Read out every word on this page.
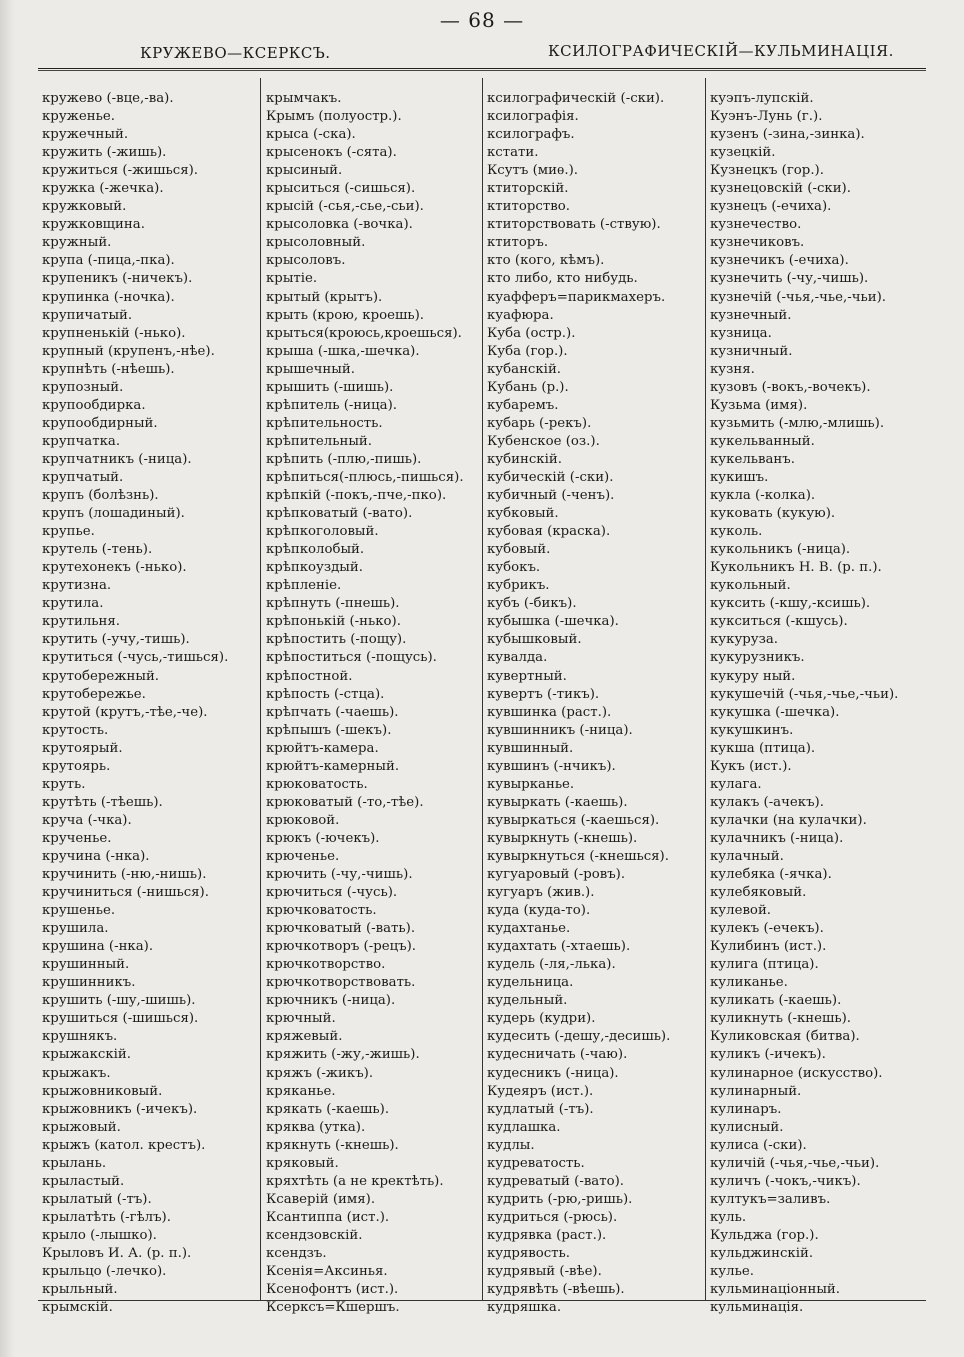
— 68 —
КРУЖЕВО—КСЕРКСЪ.	КСИЛОГРАФИЧЕСКІЙ—КУЛЬМИНАЦІЯ.
кружево (-вце,-ва).
круженье.
кружечный.
кружить (-жишь).
кружиться (-жишься).
кружка (-жечка).
кружковый.
кружковщина.
кружный.
крупа (-пица,-пка).
крупеникъ (-ничекъ).
крупинка (-ночка).
крупичатый.
крупненькій (-нько).
крупный (крупенъ,-нѣе).
крупнѣть (-нѣешь).
крупозный.
крупообдирка.
крупообдирный.
крупчатка.
крупчатникъ (-ница).
крупчатый.
крупъ (болѣзнь).
крупъ (лошадиный).
крупье.
крутель (-тень).
крутехонекъ (-нько).
крутизна.
крутила.
крутильня.
крутить (-учу,-тишь).
крутиться (-чусь,-тишься).
крутобережный.
крутоберeжье.
крутой (крутъ,-тѣе,-че).
крутость.
крутоярый.
крутоярь.
круть.
крутѣть (-тѣешь).
круча (-чка).
крученье.
кручина (-нка).
кручинить (-ню,-нишь).
кручиниться (-нишься).
крушенье.
крушила.
крушина (-нка).
крушинный.
крушинникъ.
крушить (-шу,-шишь).
крушиться (-шишься).
крушнякъ.
крыжакскій.
крыжакъ.
крыжовниковый.
крыжовникъ (-ичекъ).
крыжовый.
крыжъ (катол. крестъ).
крылань.
крыластый.
крылатый (-тъ).
крылатѣть (-гѣлъ).
крыло (-лышко).
Крыловъ И. А. (р. п.).
крыльцо (-лечко).
крыльный.
крымскій.
крымчакъ.
Крымъ (полуостр.).
крыса (-ска).
крысенокъ (-сята).
крысиный.
крыситься (-сишься).
крысій (-сья,-сье,-сьи).
крысоловка (-вочка).
крысоловный.
крысоловъ.
крытіе.
крытый (крытъ).
крыть (крою, кроешь).
крыться(кроюсь,кроешься).
крыша (-шка,-шечка).
крышечный.
крышить (-шишь).
крѣпитель (-ница).
крѣпительность.
крѣпительный.
крѣпить (-плю,-пишь).
крѣпиться(-плюсь,-пишься).
крѣпкій (-покъ,-пче,-пко).
крѣпковатый (-вато).
крѣпкоголовый.
крѣпколобый.
крѣпкоуздый.
крѣпленіе.
крѣпнуть (-пнешь).
крѣпонькій (-нько).
крѣпостить (-пощу).
крѣпоститься (-пощусь).
крѣпостной.
крѣпость (-стца).
крѣпчать (-чаешь).
крѣпышъ (-шекъ).
крюйтъ-камера.
крюйтъ-камерный.
крюковатость.
крюковатый (-то,-тѣе).
крюковой.
крюкъ (-ючекъ).
крюченье.
крючить (-чу,-чишь).
крючиться (-чусь).
крючковатость.
крючковатый (-вать).
крючкотворъ (-рецъ).
крючкотворство.
крючкотворствовать.
крючникъ (-ница).
крючный.
кряжевый.
кряжить (-жу,-жишь).
кряжъ (-жикъ).
кряканье.
крякать (-каешь).
кряква (утка).
крякнуть (-кнешь).
кряковый.
кряхтѣть (а не кректѣть).
Ксаверій (имя).
Ксантиппа (ист.).
ксендзовскій.
ксендзъ.
Ксенія=Аксинья.
Ксенофонтъ (ист.).
Ксерксъ=Кшершъ.
ксилографическій (-ски).
ксилографія.
ксилографъ.
кстати.
Ксутъ (миѳ.).
ктиторскій.
ктиторство.
ктиторствовать (-ствую).
ктиторъ.
кто (кого, кѣмъ).
кто либо, кто нибудь.
куафферъ=парикмахеръ.
куафюра.
Куба (остр.).
Куба (гор.).
кубанскій.
Кубань (р.).
кубаремъ.
кубарь (-рекъ).
Кубенское (оз.).
кубинскій.
кубическій (-ски).
кубичный (-ченъ).
кубковый.
кубовая (краска).
кубовый.
кубокъ.
кубрикъ.
кубъ (-бикъ).
кубышка (-шечка).
кубышковый.
кувалда.
кувертный.
кувертъ (-тикъ).
кувшинка (раст.).
кувшинникъ (-ница).
кувшинный.
кувшинъ (-нчикъ).
кувырканье.
кувыркать (-каешь).
кувыркаться (-каешься).
кувыркнуть (-кнешь).
кувыркнуться (-кнешься).
кугуаровый (-ровъ).
кугуаръ (жив.).
куда (куда-то).
кудахтанье.
кудахтать (-хтаешь).
кудель (-ля,-лька).
кудельница.
кудельный.
кудерь (кудри).
кудесить (-дешу,-десишь).
кудесничать (-чаю).
кудесникъ (-ница).
Кудеяръ (ист.).
кудлатый (-тъ).
кудлашка.
кудлы.
кудреватость.
кудреватый (-вато).
кудрить (-рю,-ришь).
кудриться (-рюсь).
кудрявка (раст.).
кудрявость.
кудрявый (-вѣе).
кудрявѣть (-вѣешь).
кудряшка.
куэпъ-лупскій.
Куэнъ-Лунь (г.).
кузенъ (-зина,-зинка).
кузецкій.
Кузнецкъ (гор.).
кузнецовскій (-ски).
кузнецъ (-ечиха).
кузнечество.
кузнечиковъ.
кузнечикъ (-ечиха).
кузнечить (-чу,-чишь).
кузнечій (-чья,-чье,-чьи).
кузнечный.
кузница.
кузничный.
кузня.
кузовъ (-вокъ,-вочекъ).
Кузьма (имя).
кузьмить (-млю,-млишь).
кукельванный.
кукельванъ.
кукишъ.
кукла (-колка).
куковать (кукую).
куколь.
кукольникъ (-ница).
Кукольникъ Н. В. (р. п.).
кукольный.
куксить (-кшу,-ксишь).
кукситься (-кшусь).
кукуруза.
кукурузникъ.
кукуру ный.
кукушечій (-чья,-чье,-чьи).
кукушка (-шечка).
кукушкинъ.
кукша (птица).
Кукъ (ист.).
кулага.
кулакъ (-ачекъ).
кулачки (на кулачки).
кулачникъ (-ница).
кулачный.
кулебяка (-ячка).
кулебяковый.
кулевой.
кулекъ (-ечекъ).
Кулибинъ (ист.).
кулига (птица).
куликанье.
куликать (-каешь).
куликнуть (-кнешь).
Куликовская (битва).
куликъ (-ичекъ).
кулинарное (искусство).
кулинарный.
кулинаръ.
кулисный.
кулиса (-ски).
куличій (-чья,-чье,-чьи).
куличъ (-чокъ,-чикъ).
култукъ=заливъ.
куль.
Кульджа (гор.).
кульджинскій.
кулье.
кульминаціонный.
кульминація.
